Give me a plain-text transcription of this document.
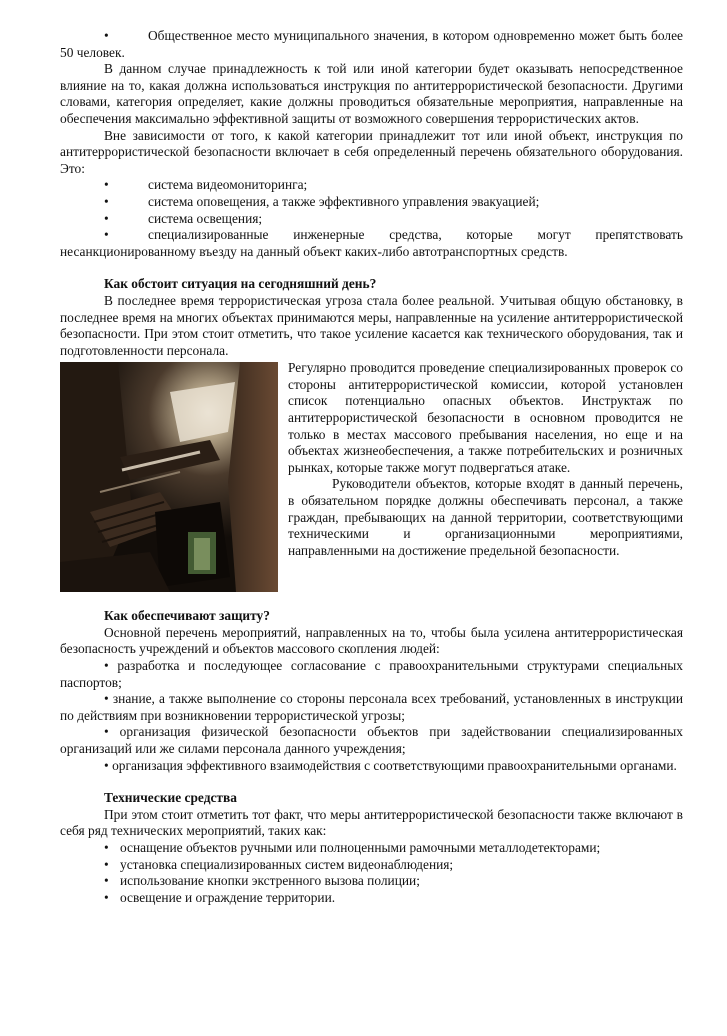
•	Общественное место муниципального значения, в котором одновременно может быть более 50 человек.

В данном случае принадлежность к той или иной категории будет оказывать непосредственное влияние на то, какая должна использоваться инструкция по антитеррористической безопасности. Другими словами, категория определяет, какие должны проводиться обязательные мероприятия, направленные на обеспечения максимально эффективной защиты от возможного совершения террористических актов.

Вне зависимости от того, к какой категории принадлежит тот или иной объект, инструкция по антитеррористической безопасности включает в себя определенный перечень обязательного оборудования. Это:

•	система видеомониторинга;
•	система оповещения, а также эффективного управления эвакуацией;
•	система освещения;

•	специализированные инженерные средства, которые могут препятствовать несанкционированному въезду на данный объект каких-либо автотранспортных средств.

Как обстоит ситуация на сегодняшний день?

В последнее время террористическая угроза стала более реальной. Учитывая общую обстановку, в последнее время на многих объектах принимаются меры, направленные на усиление антитеррористической безопасности. При этом стоит отметить, что такое усиление касается как технического оборудования, так и подготовленности персонала.

Регулярно проводится проведение специализированных проверок со стороны антитеррористической комиссии, которой установлен список потенциально опасных объектов. Инструктаж по антитеррористической безопасности в основном проводится не только в местах массового пребывания населения, но еще и на объектах жизнеобеспечения, а также потребительских и розничных рынках, которые также могут подвергаться атаке.

Руководители объектов, которые входят в данный перечень, в обязательном порядке должны обеспечивать персонал, а также граждан, пребывающих на данной территории, соответствующими техническими и организационными мероприятиями, направленными на достижение предельной безопасности.

Как обеспечивают защиту?

Основной перечень мероприятий, направленных на то, чтобы была усилена антитеррористическая безопасность учреждений и объектов массового скопления людей:

• разработка и последующее согласование с правоохранительными структурами специальных паспортов;

• знание, а также выполнение со стороны персонала всех требований, установленных в инструкции по действиям при возникновении террористической угрозы;

• организация физической безопасности объектов при задействовании специализированных организаций или же силами персонала данного учреждения;

• организация эффективного взаимодействия с соответствующими правоохранительными органами.

Технические средства

При этом стоит отметить тот факт, что меры антитеррористической безопасности также включают в себя ряд технических мероприятий, таких как:

• оснащение объектов ручными или полноценными рамочными металлодетекторами;
• установка специализированных систем видеонаблюдения;
• использование кнопки экстренного вызова полиции;
• освещение и ограждение территории.
